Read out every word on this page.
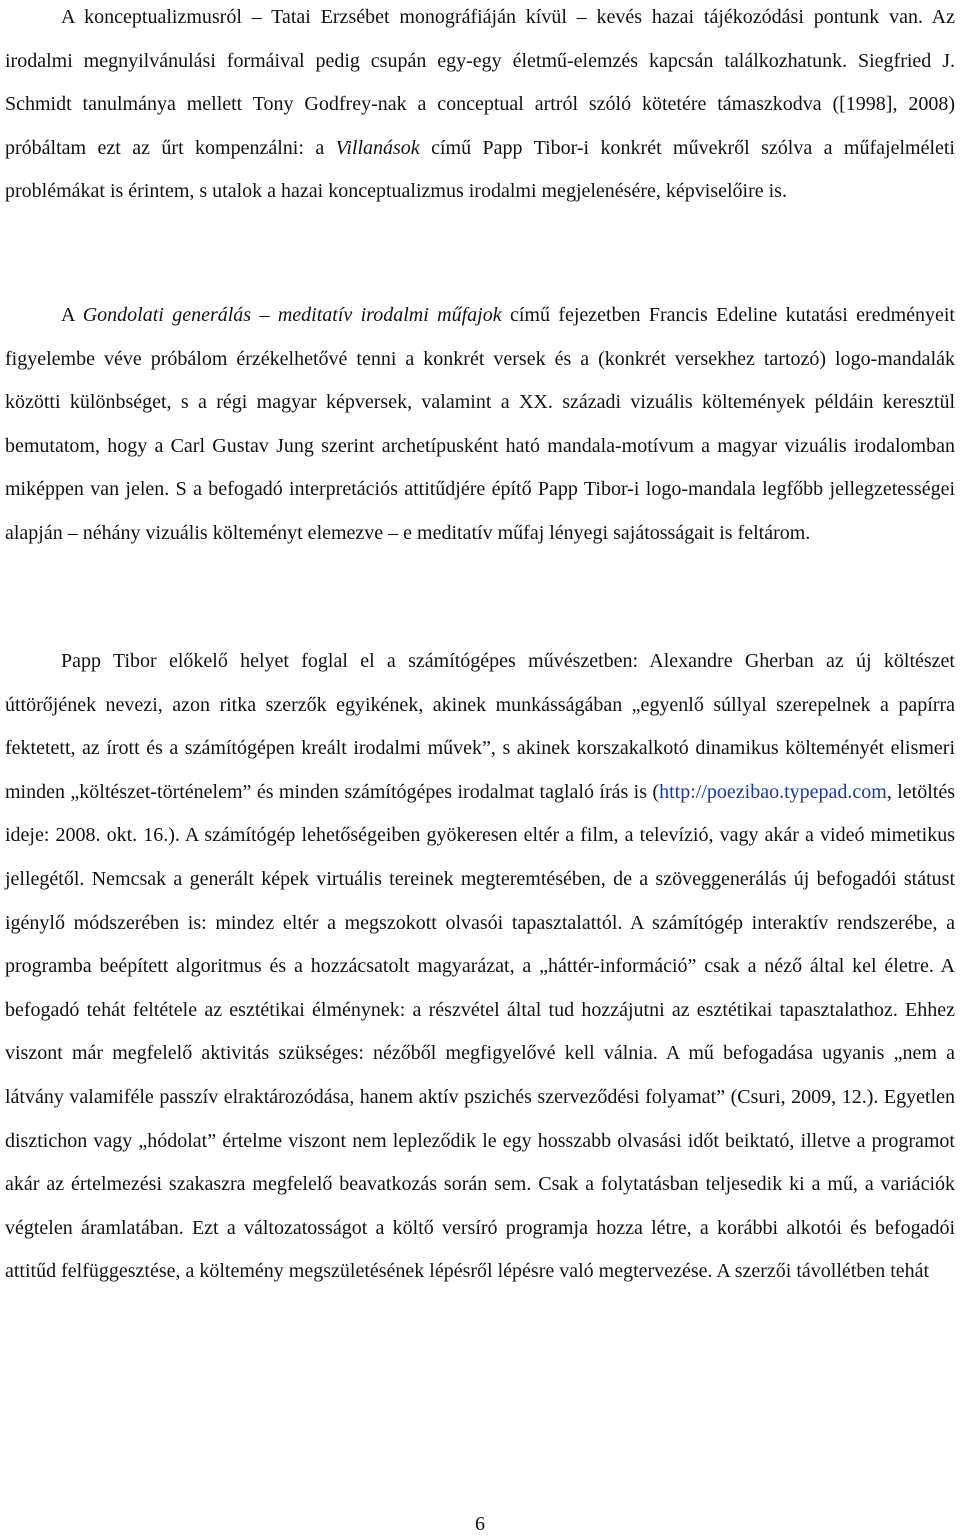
A konceptualizmusról – Tatai Erzsébet monográfiáján kívül – kevés hazai tájékozódási pontunk van. Az irodalmi megnyilvánulási formáival pedig csupán egy-egy életmű-elemzés kapcsán találkozhatunk. Siegfried J. Schmidt tanulmánya mellett Tony Godfrey-nak a conceptual artról szóló kötetére támaszkodva ([1998], 2008) próbáltam ezt az űrt kompenzálni: a Villanások című Papp Tibor-i konkrét művekről szólva a műfajelméleti problémákat is érintem, s utalok a hazai konceptualizmus irodalmi megjelenésére, képviselőire is.

A Gondolati generálás – meditatív irodalmi műfajok című fejezetben Francis Edeline kutatási eredményeit figyelembe véve próbálom érzékelhetővé tenni a konkrét versek és a (konkrét versekhez tartozó) logo-mandalák közötti különbséget, s a régi magyar képversek, valamint a XX. századi vizuális költemények példáin keresztül bemutatom, hogy a Carl Gustav Jung szerint archetípusként ható mandala-motívum a magyar vizuális irodalomban miképpen van jelen. S a befogadó interpretációs attitűdjére építő Papp Tibor-i logo-mandala legfőbb jellegzetességei alapján – néhány vizuális költeményt elemezve – e meditatív műfaj lényegi sajátosságait is feltárom.

Papp Tibor előkelő helyet foglal el a számítógépes művészetben: Alexandre Gherban az új költészet úttörőjének nevezi, azon ritka szerzők egyikének, akinek munkásságában „egyenlő súllyal szerepelnek a papírra fektetett, az írott és a számítógépen kreált irodalmi művek”, s akinek korszakalkotó dinamikus költeményét elismeri minden „költészet-történelem” és minden számítógépes irodalmat taglaló írás is (http://poezibao.typepad.com, letöltés ideje: 2008. okt. 16.). A számítógép lehetőségeiben gyökeresen eltér a film, a televízió, vagy akár a videó mimetikus jellegétől. Nemcsak a generált képek virtuális tereinek megteremtésében, de a szöveggenerálás új befogadói státust igénylő módszerében is: mindez eltér a megszokott olvasói tapasztalattól. A számítógép interaktív rendszerébe, a programba beépített algoritmus és a hozzácsatolt magyarázat, a „háttér-információ” csak a néző által kel életre. A befogadó tehát feltétele az esztétikai élménynek: a részvétel által tud hozzájutni az esztétikai tapasztalathoz. Ehhez viszont már megfelelő aktivitás szükséges: nézőből megfigyelővé kell válnia. A mű befogadása ugyanis „nem a látvány valamiféle passzív elraktározódása, hanem aktív pszichés szerveződési folyamat” (Csuri, 2009, 12.). Egyetlen disztichon vagy „hódolat” értelme viszont nem lepleződik le egy hosszabb olvasási időt beiktató, illetve a programot akár az értelmezési szakaszra megfelelő beavatkozás során sem. Csak a folytatásban teljesedik ki a mű, a variációk végtelen áramlatában. Ezt a változatosságot a költő versíró programja hozza létre, a korábbi alkotói és befogadói attitűd felfüggesztése, a költemény megszületésének lépésről lépésre való megtervezése. A szerzői távollétben tehát

6
